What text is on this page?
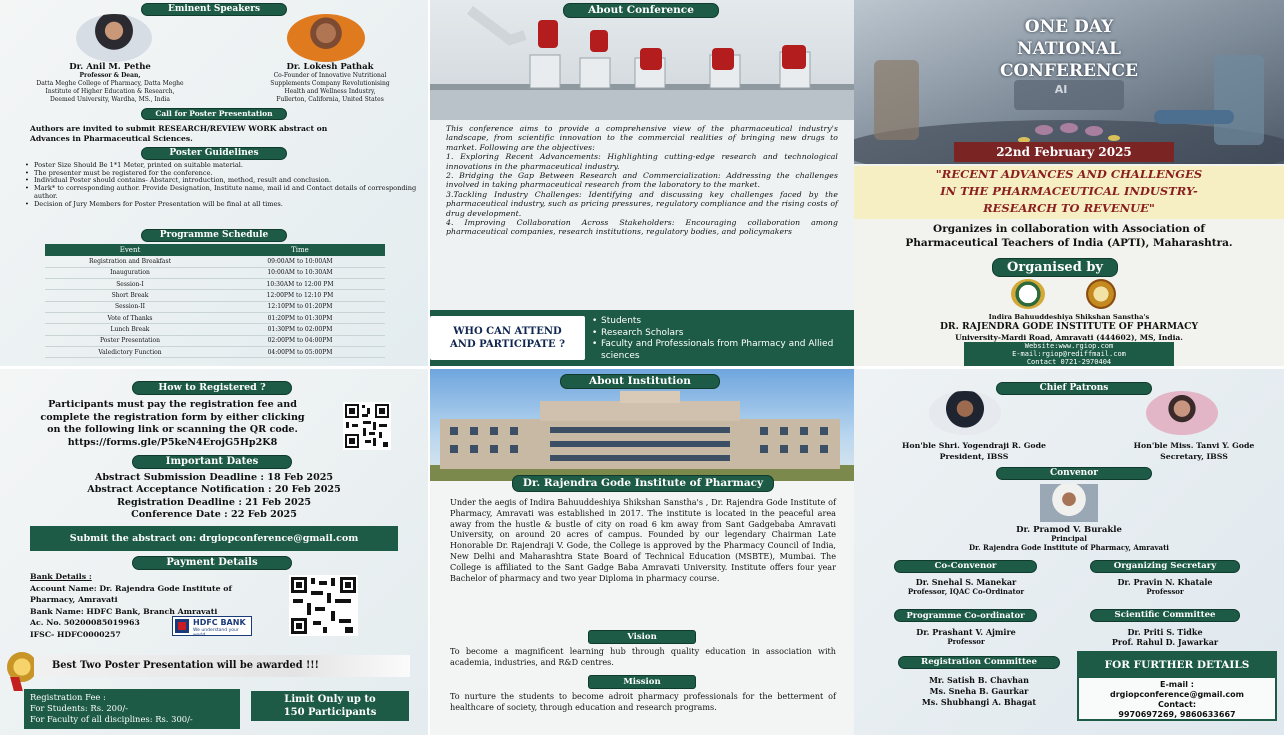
Eminent Speakers
Dr. Anil M. Pethe
Professor & Dean,
Datta Meghe College of Pharmacy, Datta Meghe
Institute of Higher Education & Research,
Deemed University, Wardha, MS., India
Dr. Lokesh Pathak
Co-Founder of Innovative Nutritional
Supplements Company Revolutionising
Health and Wellness Industry,
Fullerton, California, United States
Call for Poster Presentation
Authors are invited to submit RESEARCH/REVIEW WORK abstract on
Advances in Pharmaceutical Sciences.
Poster Guidelines
• Poster Size Should Be 1*1 Meter, printed on suitable material.
• The presenter must be registered for the conference.
• Individual Poster should contains- Abstarct, introduction, method, result and conclusion.
• Mark* to corresponding author. Provide Designation, Institute name, mail id and Contact details of corresponding author.
• Decision of Jury Members for Poster Presentation will be final at all times.
Programme Schedule
Event	Time
Registration and Breakfast	09:00AM to 10:00AM
Inauguration	10:00AM to 10:30AM
Session-I	10:30AM to 12:00 PM
Short Break	12:00PM to 12:10 PM
Session-II	12:10PM to 01:20PM
Vote of Thanks	01:20PM to 01:30PM
Lunch Break	01:30PM to 02:00PM
Poster Presentation	02:00PM to 04:00PM
Valedictory Function	04:00PM to 05:00PM
About Conference
This conference aims to provide a comprehensive view of the pharmaceutical industry's landscape, from scientific innovation to the commercial realities of bringing new drugs to market. Following are the objectives:
1. Exploring Recent Advancements: Highlighting cutting-edge research and technological innovations in the pharmaceutical industry.
2. Bridging the Gap Between Research and Commercialization: Addressing the challenges involved in taking pharmaceutical research from the laboratory to the market.
3.Tackling Industry Challenges: Identifying and discussing key challenges faced by the pharmaceutical industry, such as pricing pressures, regulatory compliance and the rising costs of drug development.
4. Improving Collaboration Across Stakeholders: Encouraging collaboration among pharmaceutical companies, research institutions, regulatory bodies, and policymakers
WHO CAN ATTEND
AND PARTICIPATE ?
• Students
• Research Scholars
• Faculty and Professionals from Pharmacy and Allied sciences
AI
ONE DAY
NATIONAL
CONFERENCE
22nd February 2025
"RECENT ADVANCES AND CHALLENGES
IN THE PHARMACEUTICAL INDUSTRY-
RESEARCH TO REVENUE"
Organizes in collaboration with Association of
Pharmaceutical Teachers of India (APTI), Maharashtra.
Organised by
Indira Bahuuddeshiya Shikshan Sanstha's
DR. RAJENDRA GODE INSTITUTE OF PHARMACY
University-Mardi Road, Amravati (444602), MS, India.
Website:www.rgiop.com
E-mail:rgiop@rediffmail.com
Contact 0721-2970404
How to Registered ?
Participants must pay the registration fee and
complete the registration form by either clicking
on the following link or scanning the QR code.
https://forms.gle/P5keN4ErojG5Hp2K8
Important Dates
Abstract Submission Deadline : 18 Feb 2025
Abstract Acceptance Notification : 20 Feb 2025
Registration Deadline : 21 Feb 2025
Conference Date : 22 Feb 2025
Submit the abstract on: drgiopconference@gmail.com
Payment Details
Bank Details :
Account Name: Dr. Rajendra Gode Institute of
Pharmacy, Amravati
Bank Name: HDFC Bank, Branch Amravati
Ac. No. 50200085019963
IFSC- HDFC0000257
HDFC BANK
We understand your world
Best Two Poster Presentation will be awarded !!!
Registration Fee :
For Students: Rs. 200/-
For Faculty of all disciplines: Rs. 300/-
Limit Only up to
150 Participants
About Institution
Dr. Rajendra Gode Institute of Pharmacy
Under the aegis of Indira Bahuuddeshiya Shikshan Sanstha's , Dr. Rajendra Gode Institute of Pharmacy, Amravati was established in 2017. The institute is located in the peaceful area away from the hustle & bustle of city on road 6 km away from Sant Gadgebaba Amravati University, on around 20 acres of campus. Founded by our legendary Chairman Late Honorable Dr. Rajendraji V. Gode, the College is approved by the Pharmacy Council of India, New Delhi and Maharashtra State Board of Technical Education (MSBTE), Mumbai. The College is affiliated to the Sant Gadge Baba Amravati University. Institute offers four year Bachelor of pharmacy and two year Diploma in pharmacy course.
Vision
To become a magnificent learning hub through quality education in association with academia, industries, and R&D centres.
Mission
To nurture the students to become adroit pharmacy professionals for the betterment of healthcare of society, through education and research programs.
Chief Patrons
Hon'ble Shri. Yogendraji R. Gode
President, IBSS
Hon'ble Miss. Tanvi Y. Gode
Secretary, IBSS
Convenor
Dr. Pramod V. Burakle
Principal
Dr. Rajendra Gode Institute of Pharmacy, Amravati
Co-Convenor
Dr. Snehal S. Manekar
Professor, IQAC Co-Ordinator
Organizing Secretary
Dr. Pravin N. Khatale
Professor
Programme Co-ordinator
Dr. Prashant V. Ajmire
Professor
Scientific Committee
Dr. Priti S. Tidke
Prof. Rahul D. Jawarkar
Registration Committee
Mr. Satish B. Chavhan
Ms. Sneha B. Gaurkar
Ms. Shubhangi A. Bhagat
FOR FURTHER DETAILS
E-mail :
drgiopconference@gmail.com
Contact:
9970697269, 9860633667
